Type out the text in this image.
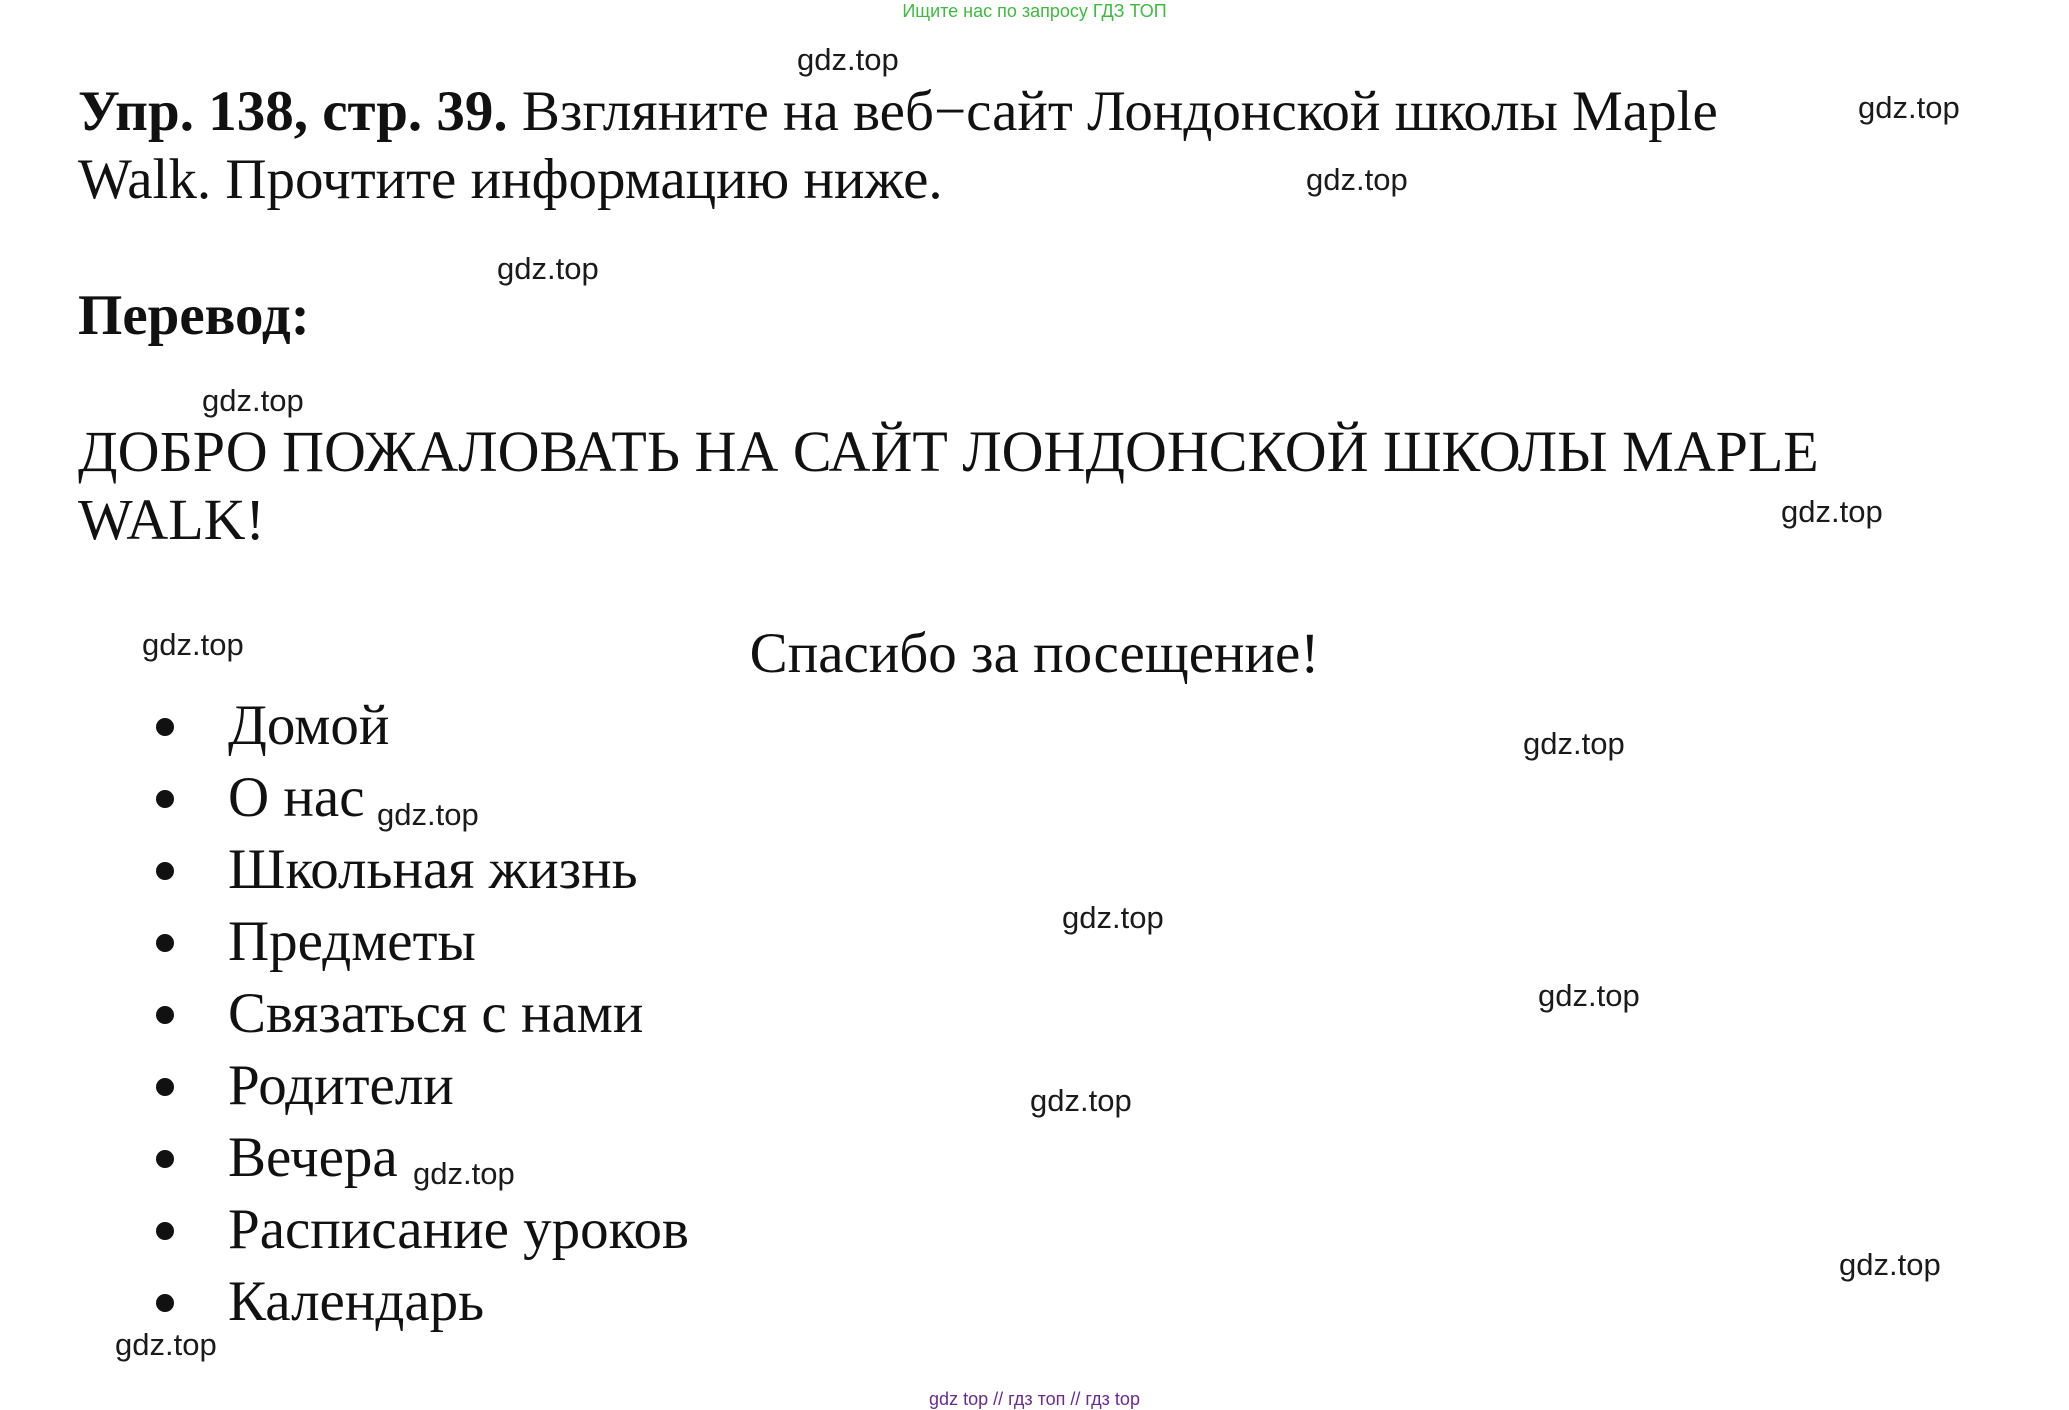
Ищите нас по запросу ГДЗ ТОП

Упр. 138, стр. 39. Взгляните на веб−сайт Лондонской школы Maple Walk. Прочтите информацию ниже.

Перевод:

ДОБРО ПОЖАЛОВАТЬ НА САЙТ ЛОНДОНСКОЙ ШКОЛЫ MAPLE WALK!

Спасибо за посещение!

Домой
О нас
Школьная жизнь
Предметы
Связаться с нами
Родители
Вечера
Расписание уроков
Календарь
gdz.top
gdz.top
gdz.top
gdz.top
gdz.top
gdz.top
gdz.top
gdz.top
gdz.top
gdz.top
gdz.top
gdz.top
gdz.top
gdz.top
gdz.top
gdz top // гдз топ // гдз top
